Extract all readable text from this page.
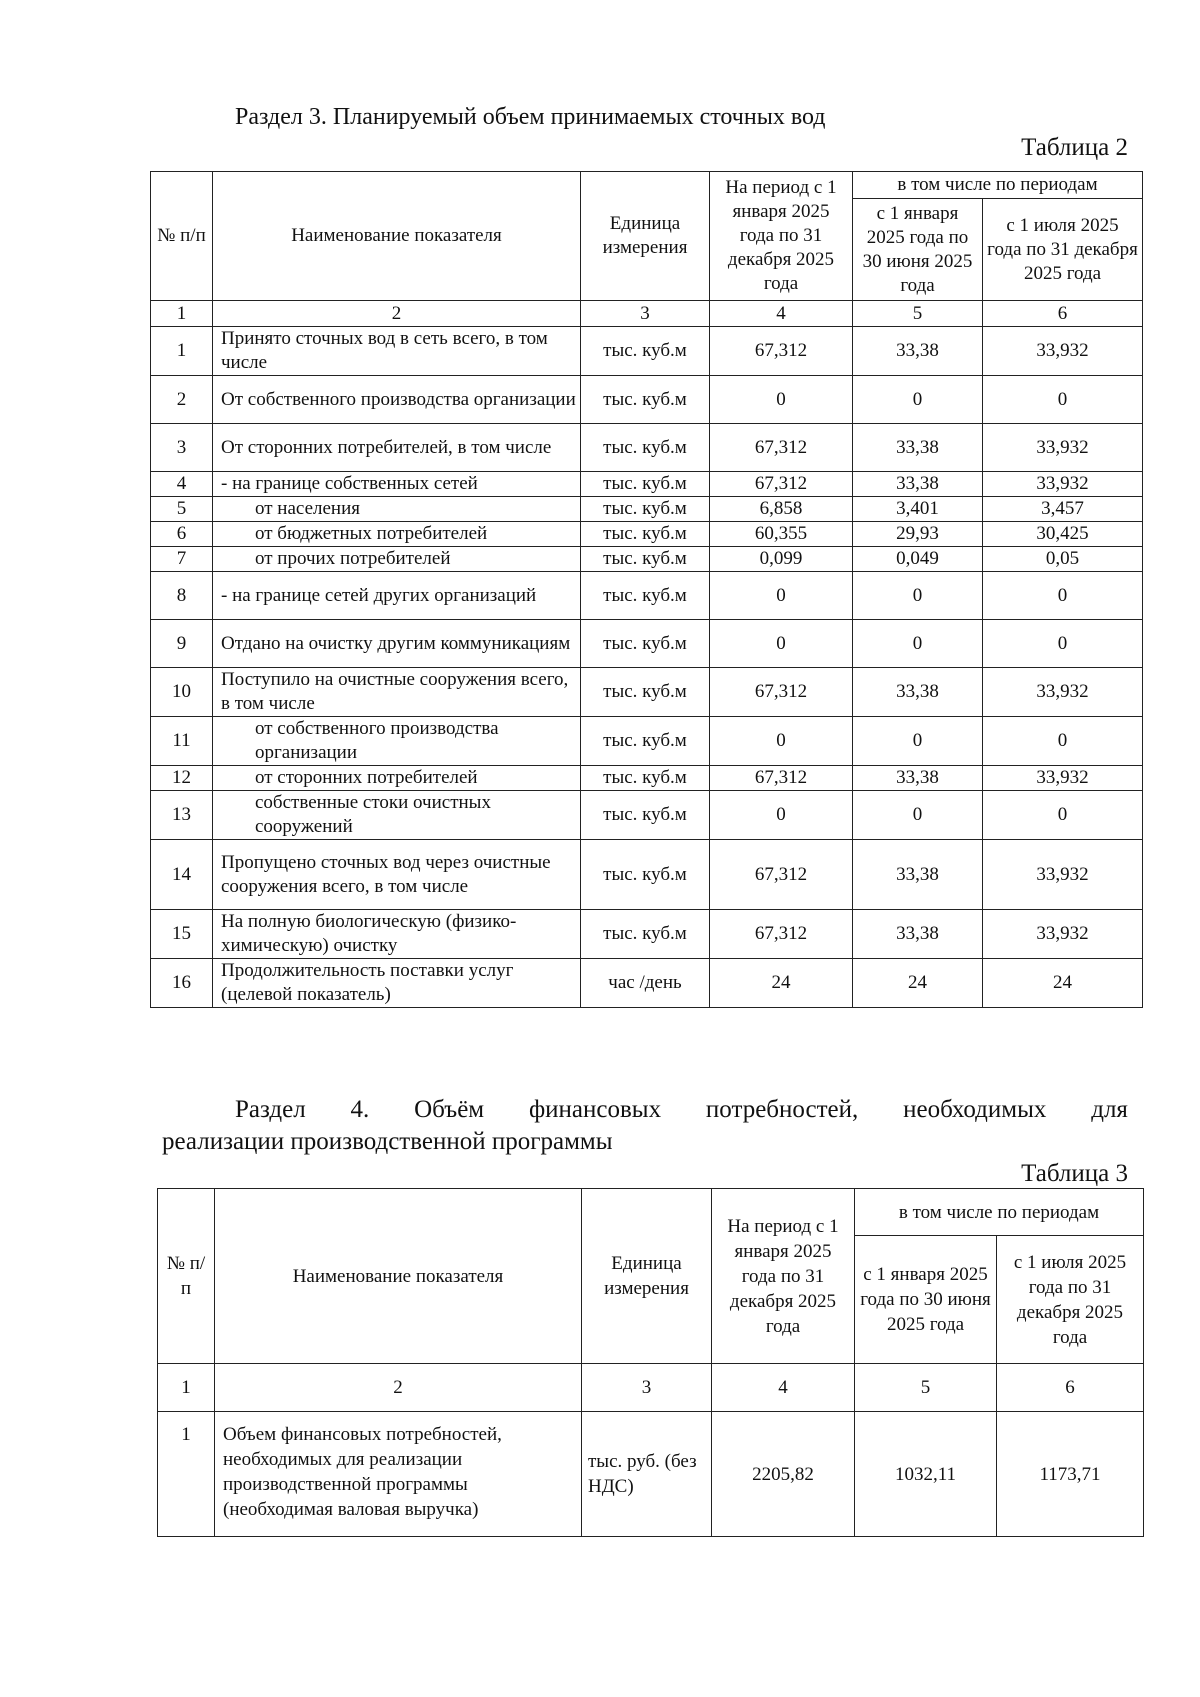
Раздел 3. Планируемый объем принимаемых сточных вод
Таблица 2
№ п/п	Наименование показателя	Единица измерения	На период с 1 января 2025 года по 31 декабря 2025 года	в том числе по периодам	
				с 1 января 2025 года по 30 июня 2025 года	с 1 июля 2025 года по 31 декабря 2025 года
1	2	3	4	5	6
1	Принято сточных вод в сеть всего, в том числе	тыс. куб.м	67,312	33,38	33,932
2	От собственного производства организации	тыс. куб.м	0	0	0
3	От сторонних потребителей, в том числе	тыс. куб.м	67,312	33,38	33,932
4	- на границе собственных сетей	тыс. куб.м	67,312	33,38	33,932
5	от населения	тыс. куб.м	6,858	3,401	3,457
6	от бюджетных потребителей	тыс. куб.м	60,355	29,93	30,425
7	от прочих потребителей	тыс. куб.м	0,099	0,049	0,05
8	- на границе сетей других организаций	тыс. куб.м	0	0	0
9	Отдано на очистку другим коммуникациям	тыс. куб.м	0	0	0
10	Поступило на очистные сооружения всего, в том числе	тыс. куб.м	67,312	33,38	33,932
11	от собственного производства организации	тыс. куб.м	0	0	0
12	от сторонних потребителей	тыс. куб.м	67,312	33,38	33,932
13	собственные стоки очистных сооружений	тыс. куб.м	0	0	0
14	Пропущено сточных вод через очистные сооружения всего, в том числе	тыс. куб.м	67,312	33,38	33,932
15	На полную биологическую (физико-химическую) очистку	тыс. куб.м	67,312	33,38	33,932
16	Продолжительность поставки услуг (целевой показатель)	час /день	24	24	24
Раздел 4. Объём финансовых потребностей, необходимых для
реализации производственной программы
Таблица 3
№ п/п	Наименование показателя	Единица измерения	На период с 1 января 2025 года по 31 декабря 2025 года	в том числе по периодам	
				с 1 января 2025 года по 30 июня 2025 года	с 1 июля 2025 года по 31 декабря 2025 года
1	2	3	4	5	6
1	Объем финансовых потребностей, необходимых для реализации производственной программы (необходимая валовая выручка)	тыс. руб. (без НДС)	2205,82	1032,11	1173,71
